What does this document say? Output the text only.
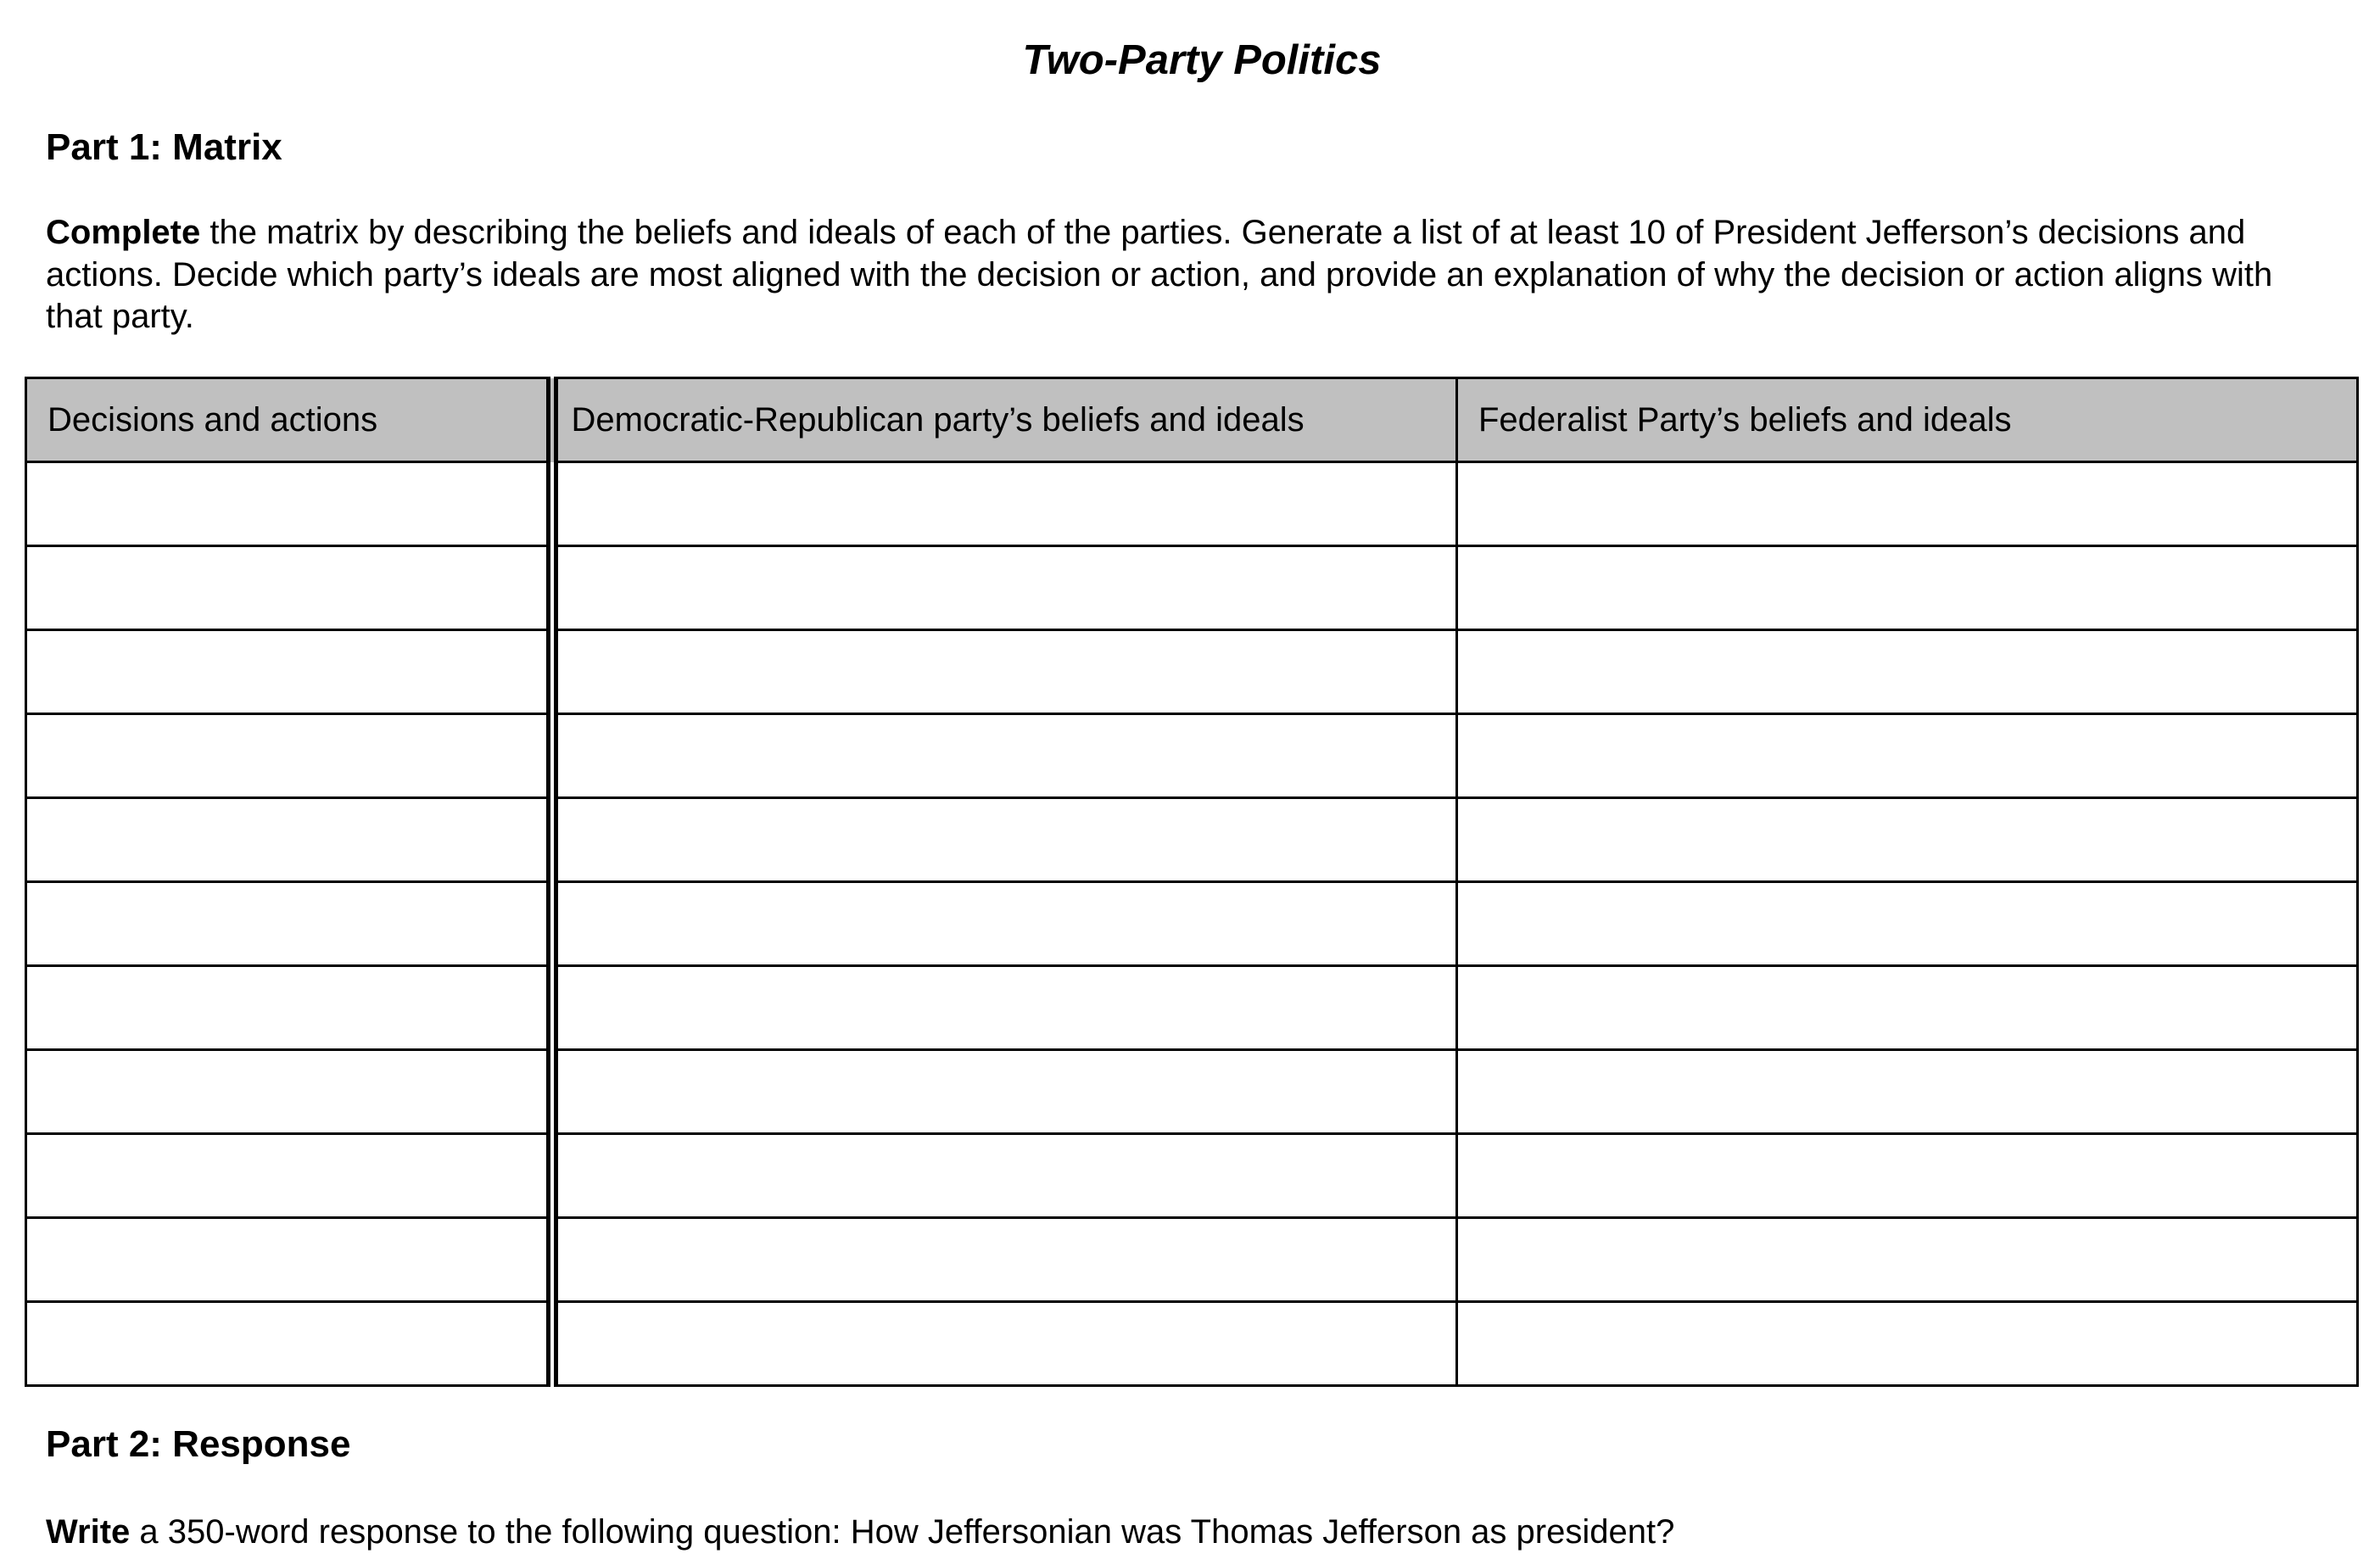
Two-Party Politics
Part 1: Matrix

Complete the matrix by describing the beliefs and ideals of each of the parties. Generate a list of at least 10 of President Jefferson’s decisions and actions. Decide which party’s ideals are most aligned with the decision or action, and provide an explanation of why the decision or action aligns with that party.

Decisions and actions	Democratic-Republican party’s beliefs and ideals	Federalist Party’s beliefs and ideals

Part 2: Response

Write a 350-word response to the following question: How Jeffersonian was Thomas Jefferson as president?
